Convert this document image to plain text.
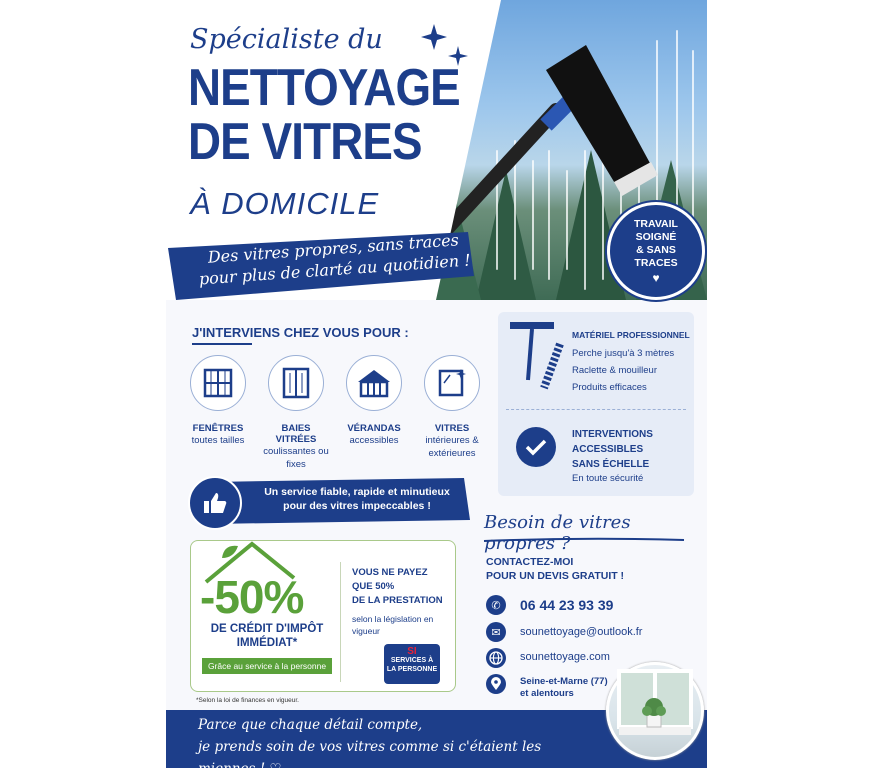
Spécialiste du
NETTOYAGE
DE VITRES
À DOMICILE
Des vitres propres, sans traces pour plus de clarté au quotidien !
TRAVAIL
SOIGNÉ
& SANS
TRACES
♥
J'INTERVIENS CHEZ VOUS POUR :
FENÊTRES
toutes tailles
BAIES VITRÉES
coulissantes ou fixes
VÉRANDAS
accessibles
VITRES
intérieures & extérieures
Un service fiable, rapide et minutieux pour des vitres impeccables !
MATÉRIEL PROFESSIONNEL
Perche jusqu'à 3 mètres
Raclette & mouilleur
Produits efficaces
INTERVENTIONS
ACCESSIBLES
SANS ÉCHELLE
En toute sécurité
-50%
DE CRÉDIT D'IMPÔT
IMMÉDIAT*
Grâce au service à la personne
VOUS NE PAYEZ
QUE 50%
DE LA PRESTATION
selon la législation en vigueur
SI
SERVICES À
LA PERSONNE
*Selon la loi de finances en vigueur.
Besoin de vitres propres ?
CONTACTEZ-MOI
POUR UN DEVIS GRATUIT !
✆ 06 44 23 93 39
✉ sounettoyage@outlook.fr
sounettoyage.com
Seine-et-Marne (77)
et alentours
Parce que chaque détail compte,
je prends soin de vos vitres comme si c'étaient les miennes ! ♡
